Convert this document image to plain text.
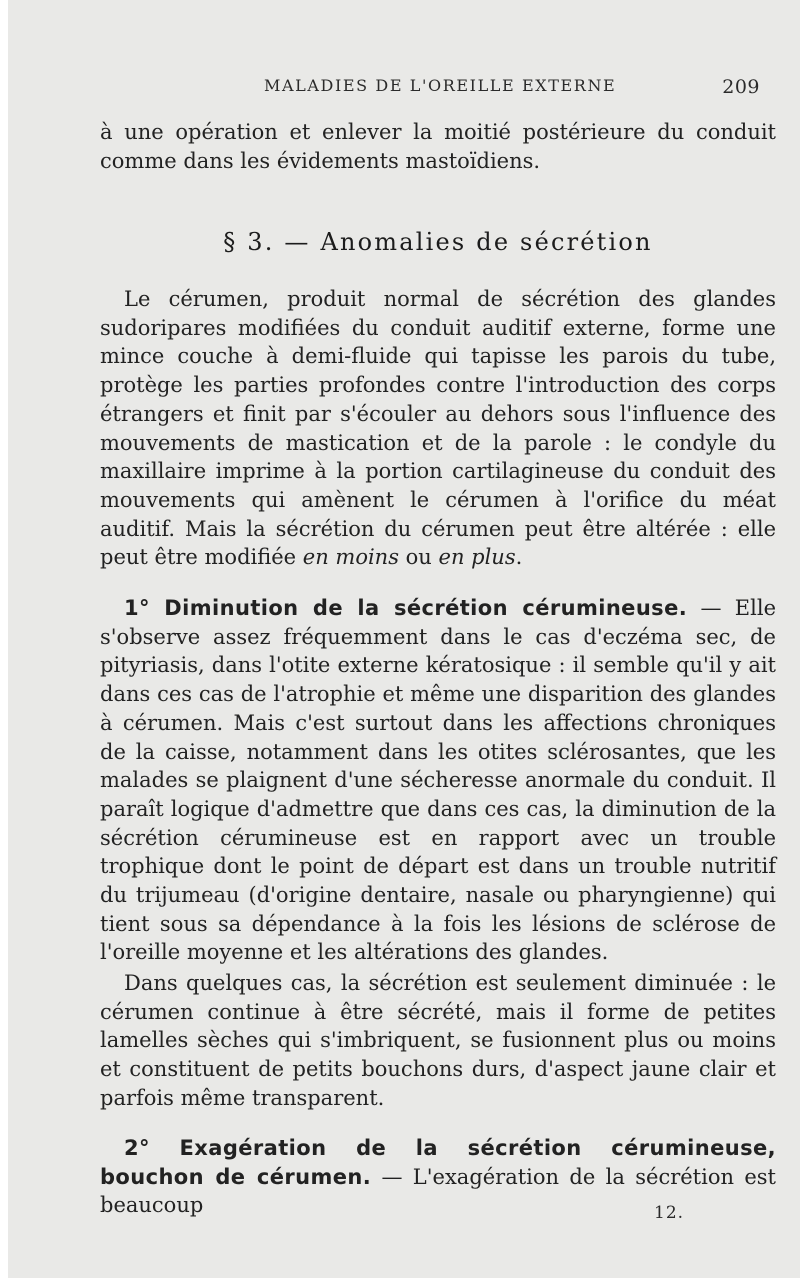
MALADIES DE L'OREILLE EXTERNE	209
à une opération et enlever la moitié postérieure du conduit comme dans les évidements mastoïdiens.
§ 3. — Anomalies de sécrétion
Le cérumen, produit normal de sécrétion des glandes sudoripares modifiées du conduit auditif externe, forme une mince couche à demi-fluide qui tapisse les parois du tube, protège les parties profondes contre l'introduction des corps étrangers et finit par s'écouler au dehors sous l'influence des mouvements de mastication et de la parole : le condyle du maxillaire imprime à la portion cartilagineuse du conduit des mouvements qui amènent le cérumen à l'orifice du méat auditif. Mais la sécrétion du cérumen peut être altérée : elle peut être modifiée en moins ou en plus.
1° Diminution de la sécrétion cérumineuse. — Elle s'observe assez fréquemment dans le cas d'eczéma sec, de pityriasis, dans l'otite externe kératosique : il semble qu'il y ait dans ces cas de l'atrophie et même une disparition des glandes à cérumen. Mais c'est surtout dans les affections chroniques de la caisse, notamment dans les otites sclérosantes, que les malades se plaignent d'une sécheresse anormale du conduit. Il paraît logique d'admettre que dans ces cas, la diminution de la sécrétion cérumineuse est en rapport avec un trouble trophique dont le point de départ est dans un trouble nutritif du trijumeau (d'origine dentaire, nasale ou pharyngienne) qui tient sous sa dépendance à la fois les lésions de sclérose de l'oreille moyenne et les altérations des glandes.
Dans quelques cas, la sécrétion est seulement diminuée : le cérumen continue à être sécrété, mais il forme de petites lamelles sèches qui s'imbriquent, se fusionnent plus ou moins et constituent de petits bouchons durs, d'aspect jaune clair et parfois même transparent.
2° Exagération de la sécrétion cérumineuse, bouchon de cérumen. — L'exagération de la sécrétion est beaucoup	12.
